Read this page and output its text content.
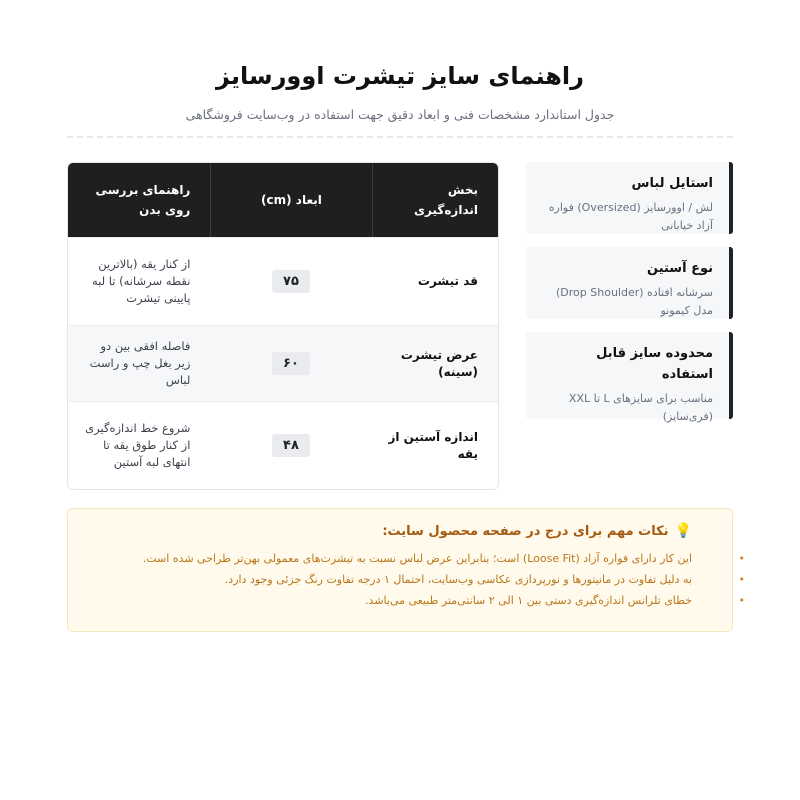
راهنمای سایز تیشرت اوورسایز

جدول استاندارد مشخصات فنی و ابعاد دقیق جهت استفاده در وب‌سایت فروشگاهی

استایل لباس
لش / اوورسایز (Oversized) فواره آزاد خیابانی
نوع آستین
سرشانه افتاده (Drop Shoulder) مدل کیمونو
محدوده سایز قابل استفاده
مناسب برای سایزهای L تا XXL (فری‌سایز)
بخش اندازه‌گیری
ابعاد (cm)
راهنمای بررسی روی بدن
قد تیشرت
۷۵
از کنار یقه (بالاترین نقطه سرشانه) تا لبه پایینی تیشرت
عرض تیشرت (سینه)
۶۰
فاصله افقی بین دو زیر بغل چپ و راست لباس
اندازه آستین از یقه
۴۸
شروع خط اندازه‌گیری از کنار طوق یقه تا انتهای لبه آستین
💡
نکات مهم برای درج در صفحه محصول سایت:
• این کار دارای فواره آزاد (Loose Fit) است؛ بنابراین عرض لباس نسبت به تیشرت‌های معمولی بهن‌تر طراحی شده است.
• به دلیل تفاوت در مانیتورها و نورپردازی عکاسی وب‌سایت، احتمال ۱ درجه تفاوت رنگ جزئی وجود دارد.
• خطای تلرانس اندازه‌گیری دستی بین ۱ الی ۲ سانتی‌متر طبیعی می‌باشد.
